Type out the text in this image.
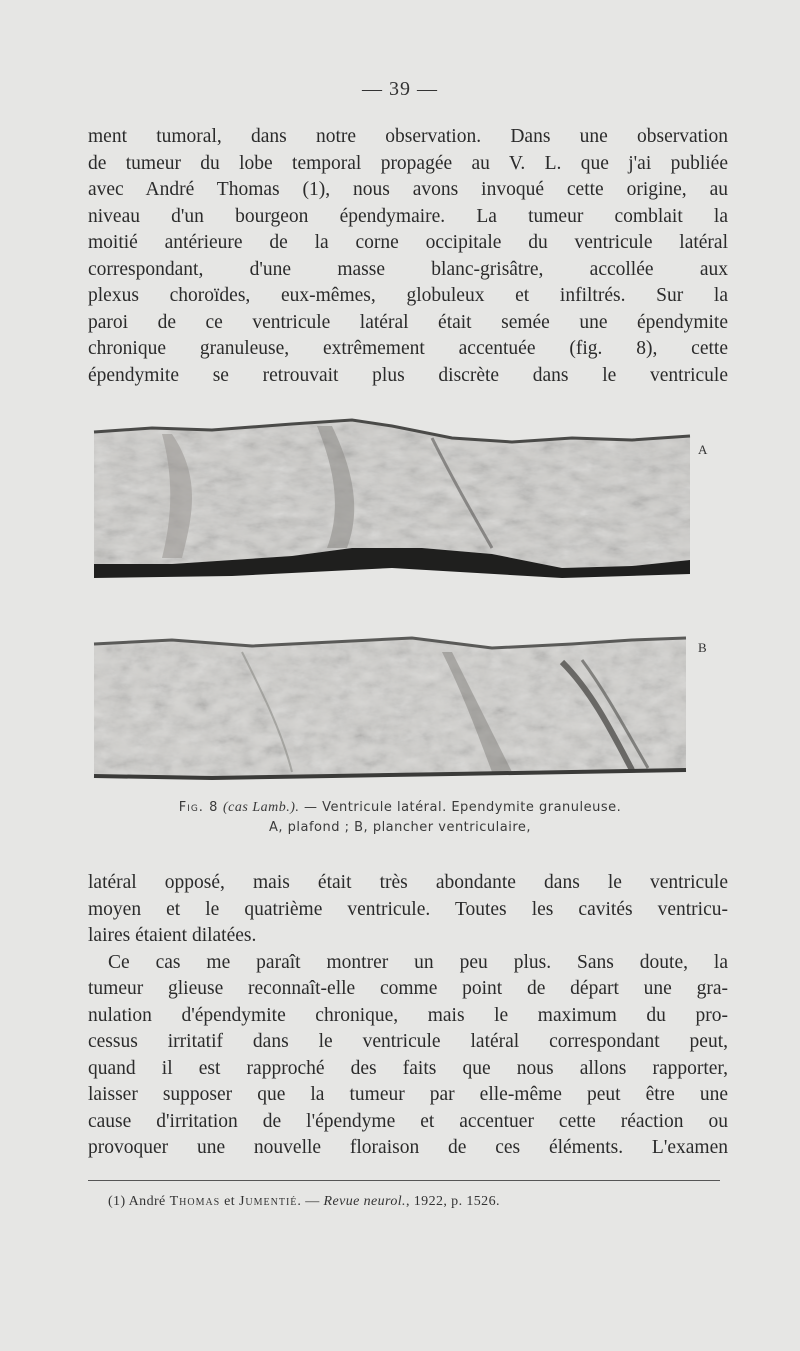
— 39 —
ment tumoral, dans notre observation. Dans une observation
de tumeur du lobe temporal propagée au V. L. que j'ai publiée
avec André Thomas (1), nous avons invoqué cette origine, au
niveau d'un bourgeon épendymaire. La tumeur comblait la
moitié antérieure de la corne occipitale du ventricule latéral
correspondant, d'une masse blanc-grisâtre, accollée aux
plexus choroïdes, eux-mêmes, globuleux et infiltrés. Sur la
paroi de ce ventricule latéral était semée une épendymite
chronique granuleuse, extrêmement accentuée (fig. 8), cette
épendymite se retrouvait plus discrète dans le ventricule
A
B
Fig. 8 (cas Lamb.). — Ventricule latéral. Ependymite granuleuse.
A, plafond ; B, plancher ventriculaire,
latéral opposé, mais était très abondante dans le ventricule
moyen et le quatrième ventricule. Toutes les cavités ventricu-
laires étaient dilatées.
Ce cas me paraît montrer un peu plus. Sans doute, la
tumeur glieuse reconnaît-elle comme point de départ une gra-
nulation d'épendymite chronique, mais le maximum du pro-
cessus irritatif dans le ventricule latéral correspondant peut,
quand il est rapproché des faits que nous allons rapporter,
laisser supposer que la tumeur par elle-même peut être une
cause d'irritation de l'épendyme et accentuer cette réaction ou
provoquer une nouvelle floraison de ces éléments. L'examen
(1) André Thomas et Jumentié. — Revue neurol., 1922, p. 1526.
